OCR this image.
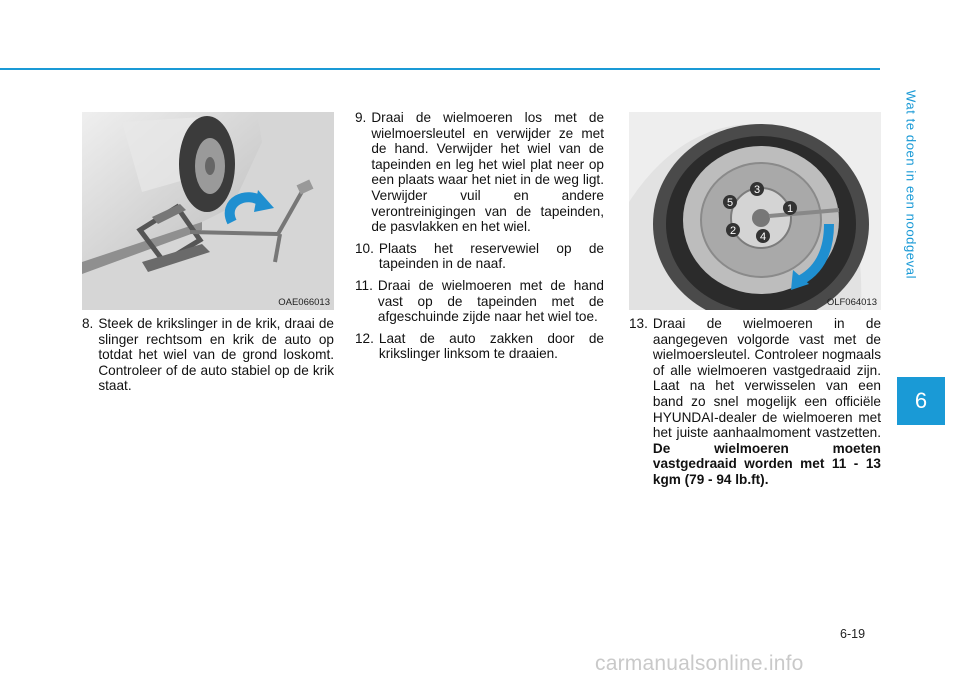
Wat te doen in een noodgeval
6
OAE066013
1
2
3
4
5
OLF064013
8. Steek de krikslinger in de krik, draai de slinger rechtsom en krik de auto op totdat het wiel van de grond loskomt. Controleer of de auto stabiel op de krik staat.
9. Draai de wielmoeren los met de wielmoersleutel en verwijder ze met de hand. Verwijder het wiel van de tapeinden en leg het wiel plat neer op een plaats waar het niet in de weg ligt. Verwijder vuil en andere verontreinigingen van de tapeinden, de pasvlakken en het wiel.
10. Plaats het reservewiel op de tapeinden in de naaf.
11. Draai de wielmoeren met de hand vast op de tapeinden met de afgeschuinde zijde naar het wiel toe.
12. Laat de auto zakken door de krikslinger linksom te draaien.
13. Draai de wielmoeren in de aangegeven volgorde vast met de wielmoersleutel. Controleer nogmaals of alle wielmoeren vastgedraaid zijn. Laat na het verwisselen van een band zo snel mogelijk een officiële HYUNDAI-dealer de wielmoeren met het juiste aanhaalmoment vastzetten. De wielmoeren moeten vastgedraaid worden met 11 - 13 kgm (79 - 94 lb.ft).
6-19
carmanualsonline.info
